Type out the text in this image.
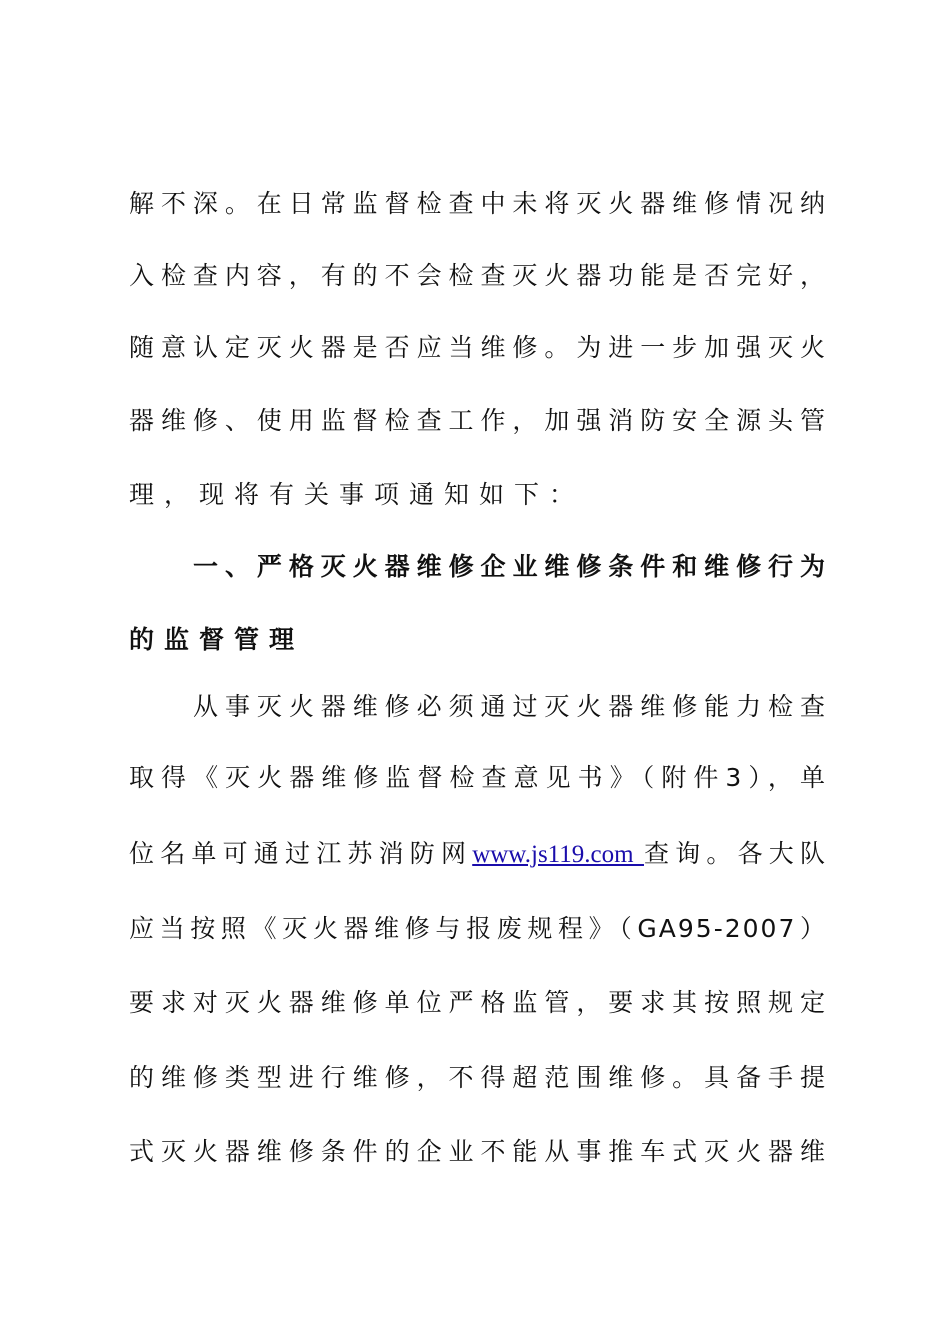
解不深。在日常监督检查中未将灭火器维修情况纳
入检查内容，有的不会检查灭火器功能是否完好，
随意认定灭火器是否应当维修。为进一步加强灭火
器维修、使用监督检查工作，加强消防安全源头管
理，现将有关事项通知如下：
一、严格灭火器维修企业维修条件和维修行为
的监督管理
从事灭火器维修必须通过灭火器维修能力检查
取得《灭火器维修监督检查意见书》（附件3），单
位名单可通过江苏消防网www.js119.com 查询。各大队
应当按照《灭火器维修与报废规程》（GA95-2007）
要求对灭火器维修单位严格监管，要求其按照规定
的维修类型进行维修，不得超范围维修。具备手提
式灭火器维修条件的企业不能从事推车式灭火器维
